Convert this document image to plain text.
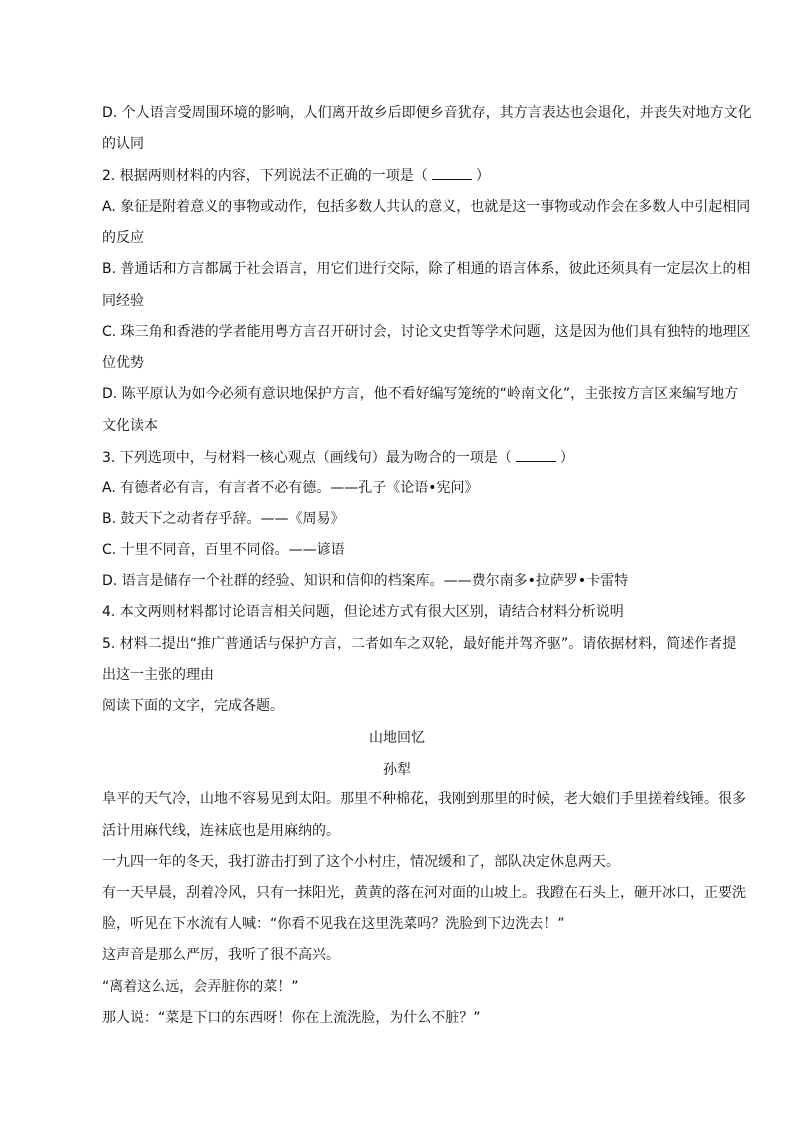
D. 个人语言受周围环境的影响，人们离开故乡后即便乡音犹存，其方言表达也会退化，并丧失对地方文化
的认同
2. 根据两则材料的内容，下列说法不正确的一项是（	）
A. 象征是附着意义的事物或动作，包括多数人共认的意义，也就是这一事物或动作会在多数人中引起相同
的反应
B. 普通话和方言都属于社会语言，用它们进行交际，除了相通的语言体系，彼此还须具有一定层次上的相
同经验
C. 珠三角和香港的学者能用粤方言召开研讨会，讨论文史哲等学术问题，这是因为他们具有独特的地理区
位优势
D. 陈平原认为如今必须有意识地保护方言，他不看好编写笼统的“岭南文化”，主张按方言区来编写地方
文化读本
3. 下列选项中，与材料一核心观点（画线句）最为吻合的一项是（	）
A. 有德者必有言，有言者不必有德。——孔子《论语•宪问》
B. 鼓天下之动者存乎辞。——《周易》
C. 十里不同音，百里不同俗。——谚语
D. 语言是储存一个社群的经验、知识和信仰的档案库。——费尔南多•拉萨罗•卡雷特
4. 本文两则材料都讨论语言相关问题，但论述方式有很大区别，请结合材料分析说明
5. 材料二提出“推广普通话与保护方言，二者如车之双轮，最好能并驾齐驱”。请依据材料，简述作者提
出这一主张的理由
阅读下面的文字，完成各题。
山地回忆
孙犁
阜平的天气冷，山地不容易见到太阳。那里不种棉花，我刚到那里的时候，老大娘们手里搓着线锤。很多
活计用麻代线，连袜底也是用麻纳的。
一九四一年的冬天，我打游击打到了这个小村庄，情况缓和了，部队决定休息两天。
有一天早晨，刮着冷风，只有一抹阳光，黄黄的落在河对面的山坡上。我蹬在石头上，砸开冰口，正要洗
脸，听见在下水流有人喊：“你看不见我在这里洗菜吗？洗脸到下边洗去！”
这声音是那么严厉，我听了很不高兴。
“离着这么远，会弄脏你的菜！”
那人说：“菜是下口的东西呀！你在上流洗脸，为什么不脏？”
